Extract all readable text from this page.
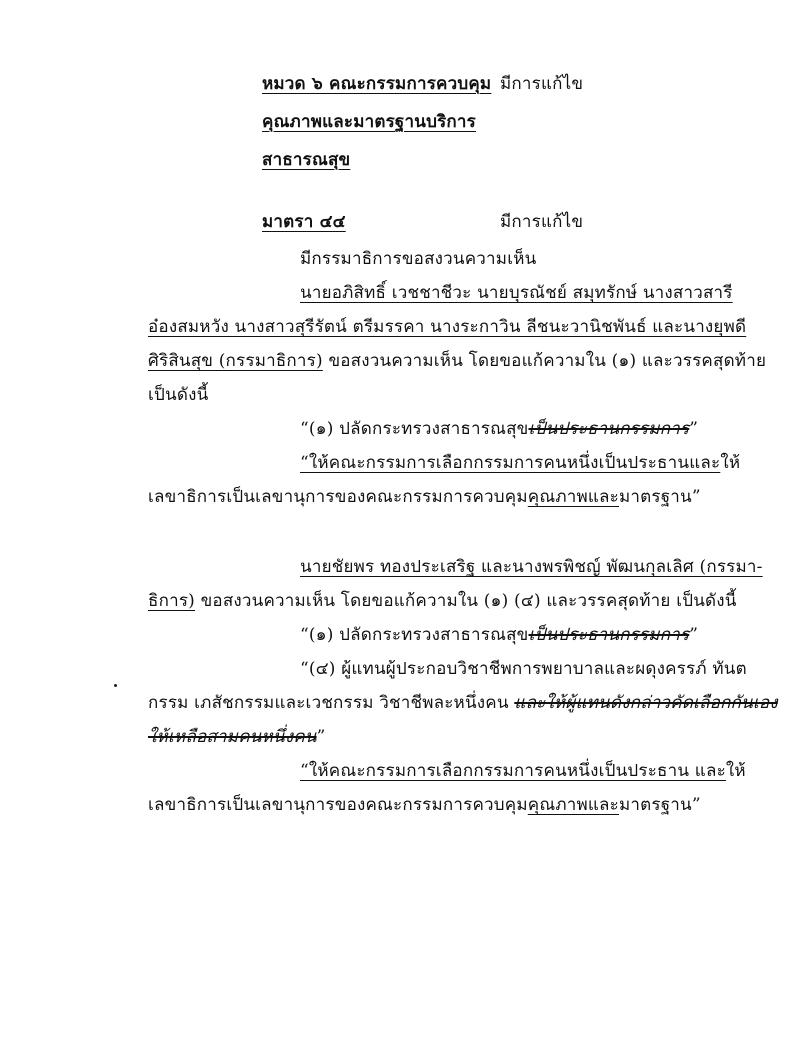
หมวด ๖ คณะกรรมการควบคุม มีการแก้ไข
คุณภาพและมาตรฐานบริการ
สาธารณสุข
มาตรา ๔๔	มีการแก้ไข
มีกรรมาธิการขอสงวนความเห็น
นายอภิสิทธิ์ เวชชาชีวะ นายบุรณัชย์ สมุทรักษ์ นางสาวสารี
อ๋องสมหวัง นางสาวสุรีรัตน์ ตรีมรรคา นางระกาวิน ลีชนะวานิชพันธ์ และนางยุพดี
ศิริสินสุข (กรรมาธิการ) ขอสงวนความเห็น โดยขอแก้ความใน (๑) และวรรคสุดท้าย
เป็นดังนี้
“(๑) ปลัดกระทรวงสาธารณสุขเป็นประธานกรรมการ”
“ให้คณะกรรมการเลือกกรรมการคนหนึ่งเป็นประธานและให้
เลขาธิการเป็นเลขานุการของคณะกรรมการควบคุมคุณภาพและมาตรฐาน”
นายชัยพร ทองประเสริฐ และนางพรพิชญ์ พัฒนกุลเลิศ (กรรมา-
ธิการ) ขอสงวนความเห็น โดยขอแก้ความใน (๑) (๔) และวรรคสุดท้าย เป็นดังนี้
“(๑) ปลัดกระทรวงสาธารณสุขเป็นประธานกรรมการ”
“(๔) ผู้แทนผู้ประกอบวิชาชีพการพยาบาลและผดุงครรภ์ ทันต
กรรม เภสัชกรรมและเวชกรรม วิชาชีพละหนึ่งคน และให้ผู้แทนดังกล่าวคัดเลือกกันเอง
ให้เหลือสามคนหนึ่งคน”
“ให้คณะกรรมการเลือกกรรมการคนหนึ่งเป็นประธาน และให้
เลขาธิการเป็นเลขานุการของคณะกรรมการควบคุมคุณภาพและมาตรฐาน”
